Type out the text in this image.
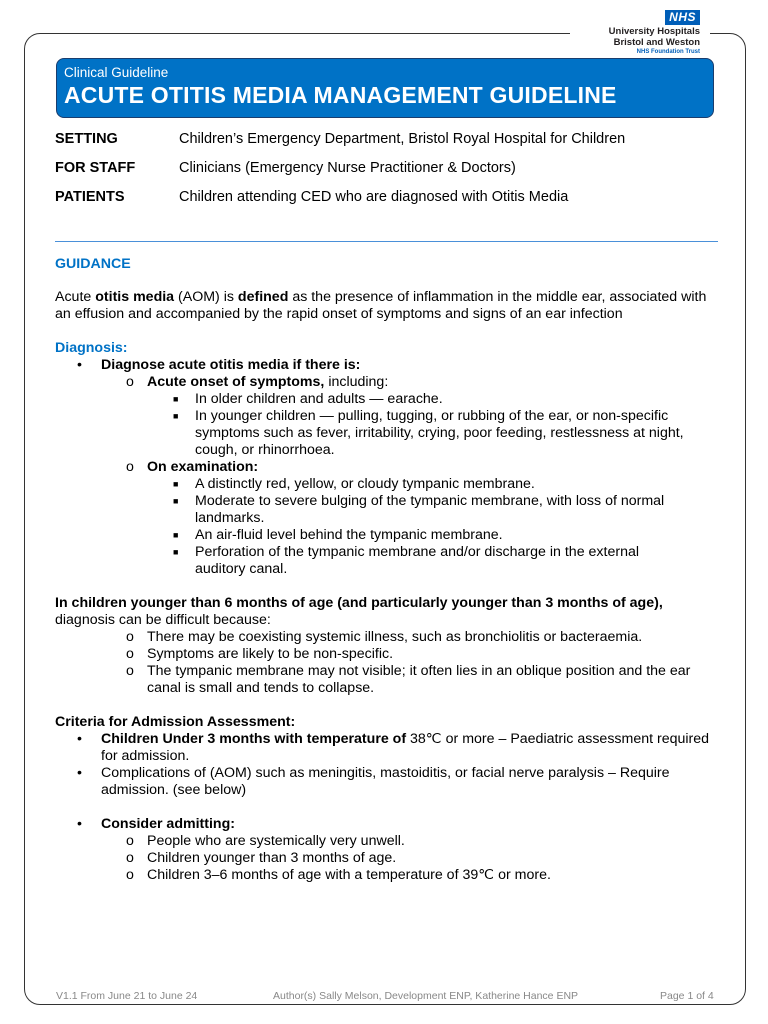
NHS
University Hospitals
Bristol and Weston
NHS Foundation Trust
Clinical Guideline
ACUTE OTITIS MEDIA MANAGEMENT GUIDELINE
SETTING	Children’s Emergency Department, Bristol Royal Hospital for Children
FOR STAFF	Clinicians (Emergency Nurse Practitioner & Doctors)
PATIENTS	Children attending CED who are diagnosed with Otitis Media
GUIDANCE
Acute otitis media (AOM) is defined as the presence of inflammation in the middle ear, associated with an effusion and accompanied by the rapid onset of symptoms and signs of an ear infection
Diagnosis:
• Diagnose acute otitis media if there is:
o Acute onset of symptoms, including:
■ In older children and adults — earache.
■ In younger children — pulling, tugging, or rubbing of the ear, or non-specific symptoms such as fever, irritability, crying, poor feeding, restlessness at night, cough, or rhinorrhoea.
o On examination:
■ A distinctly red, yellow, or cloudy tympanic membrane.
■ Moderate to severe bulging of the tympanic membrane, with loss of normal landmarks.
■ An air-fluid level behind the tympanic membrane.
■ Perforation of the tympanic membrane and/or discharge in the external auditory canal.
In children younger than 6 months of age (and particularly younger than 3 months of age),
diagnosis can be difficult because:
o There may be coexisting systemic illness, such as bronchiolitis or bacteraemia.
o Symptoms are likely to be non-specific.
o The tympanic membrane may not visible; it often lies in an oblique position and the ear canal is small and tends to collapse.
Criteria for Admission Assessment:
• Children Under 3 months with temperature of 38℃ or more – Paediatric assessment required for admission.
• Complications of (AOM) such as meningitis, mastoiditis, or facial nerve paralysis – Require admission. (see below)
• Consider admitting:
o People who are systemically very unwell.
o Children younger than 3 months of age.
o Children 3–6 months of age with a temperature of 39℃ or more.
V1.1 From June 21 to June 24	Author(s) Sally Melson, Development ENP, Katherine Hance ENP	Page 1 of 4
